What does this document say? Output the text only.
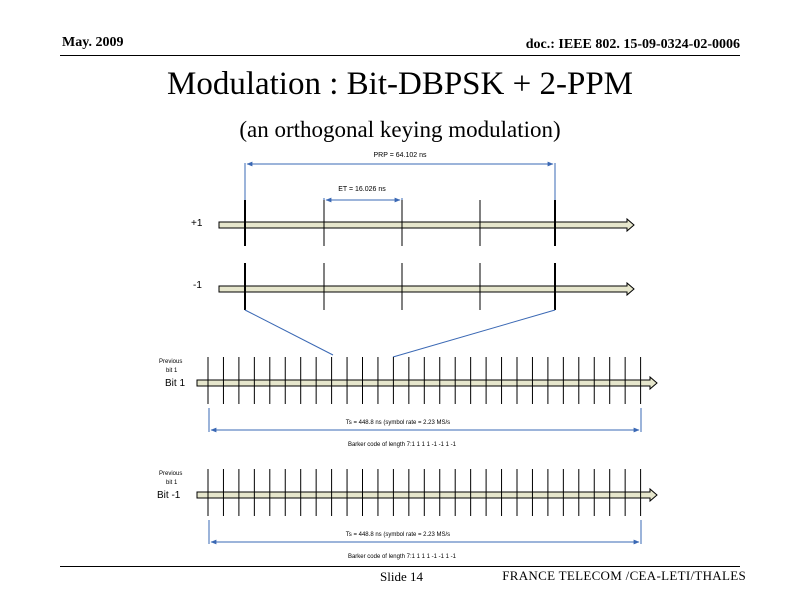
May. 2009	doc.: IEEE 802. 15-09-0324-02-0006
Modulation : Bit-DBPSK + 2-PPM
(an orthogonal keying modulation)
PRP = 64.102 ns
ET = 16.026 ns
+1
-1
Previous
bit 1
Bit 1
Ts = 448.8 ns (symbol rate = 2.23 MS/s
Barker code of length 7:1 1 1 1 -1 -1 1 -1
Previous
bit 1
Bit -1
Ts = 448.8 ns (symbol rate = 2.23 MS/s
Barker code of length 7:1 1 1 1 -1 -1 1 -1
Slide 14	FRANCE TELECOM /CEA-LETI/THALES
